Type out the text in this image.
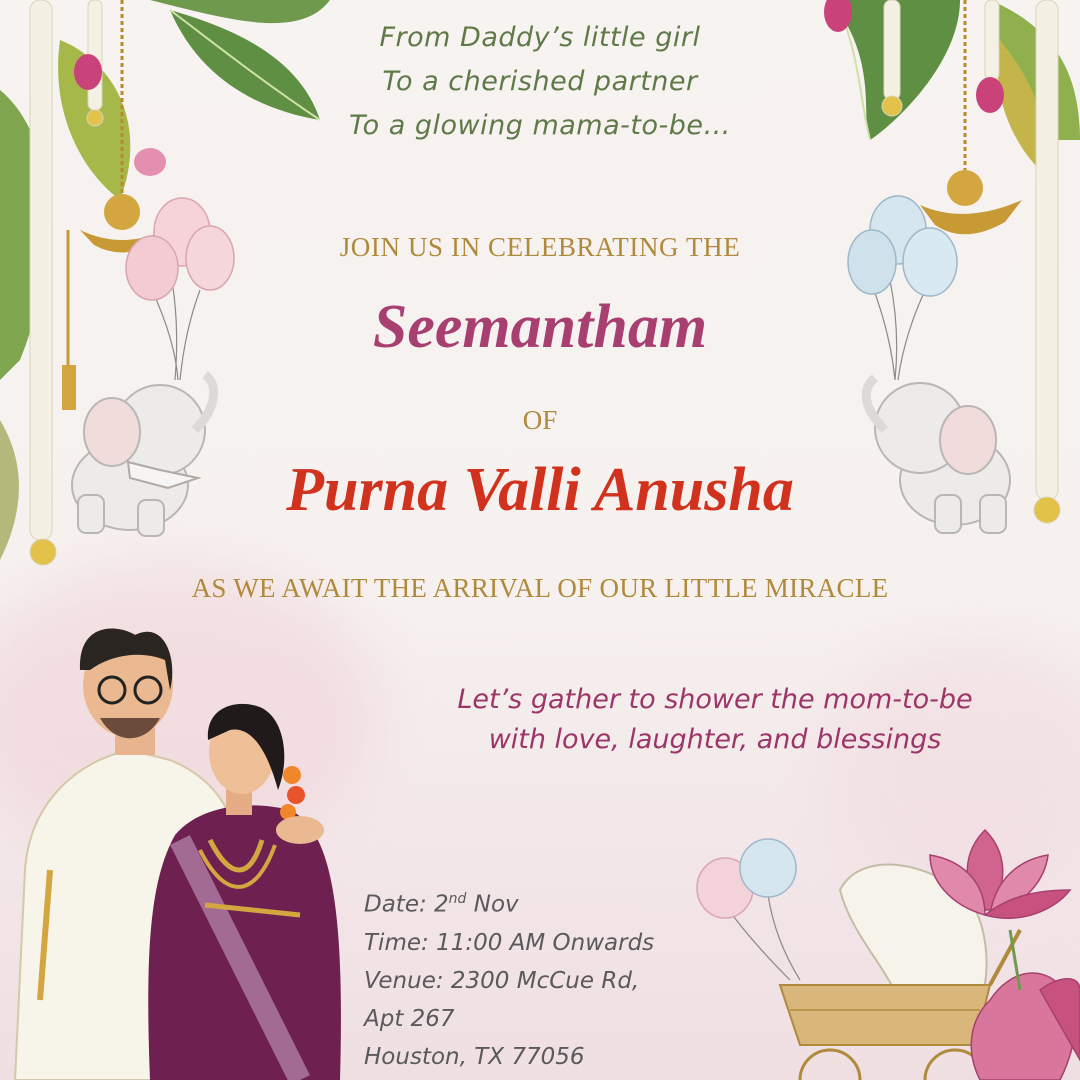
From Daddy’s little girl
To a cherished partner
To a glowing mama-to-be…
JOIN US IN CELEBRATING THE
Seemantham
OF
Purna Valli Anusha
AS WE AWAIT THE ARRIVAL OF OUR LITTLE MIRACLE
Let’s gather to shower the mom-to-be
with love, laughter, and blessings
Date: 2nd Nov
Time: 11:00 AM Onwards
Venue: 2300 McCue Rd,
Apt 267
Houston, TX 77056
